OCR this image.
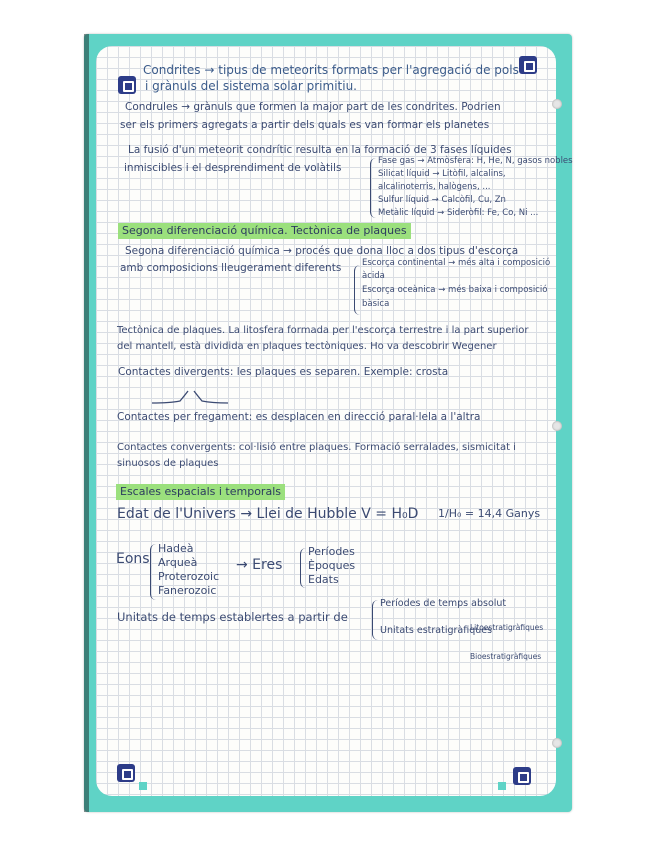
Condrites → tipus de meteorits formats per l'agregació de pols
i grànuls del sistema solar primitiu.
Condrules → grànuls que formen la major part de les condrites. Podrien
ser els primers agregats a partir dels quals es van formar els planetes
La fusió d'un meteorit condrític resulta en la formació de 3 fases líquides
inmiscibles i el desprendiment de volàtils
Fase gas → Atmòsfera: H, He, N, gasos nobles
Silicat líquid → Litòfil, alcalins,
alcalinoterris, halògens, ...
Sulfur líquid → Calcòfil, Cu, Zn
Metàlic líquid → Sideròfil: Fe, Co, Ni ...
Segona diferenciació química. Tectònica de plaques
Segona diferenciació química → procés que dona lloc a dos tipus d'escorça
amb composicions lleugerament diferents Escorça continental → més alta i composició
àcida
Escorça oceànica → més baixa i composició
bàsica
Tectònica de plaques. La litosfera formada per l'escorça terrestre i la part superior
del mantell, està dividida en plaques tectòniques. Ho va descobrir Wegener
Contactes divergents: les plaques es separen. Exemple: crosta
Contactes per fregament: es desplacen en direcció paral·lela a l'altra
Contactes convergents: col·lisió entre plaques. Formació serralades, sismicitat i
sinuosos de plaques
Escales espacials i temporals
Edat de l'Univers → Llei de Hubble V = H₀D 1/H₀ = 14,4 Ganys
Eons
Hadeà
Arqueà
Proterozoic
Fanerozoic
→ Eres
Períodes
Èpoques
Edats
Unitats de temps establertes a partir de
Períodes de temps absolut
Unitats estratigràfiques
Litoestratigràfiques
Bioestratigràfiques
